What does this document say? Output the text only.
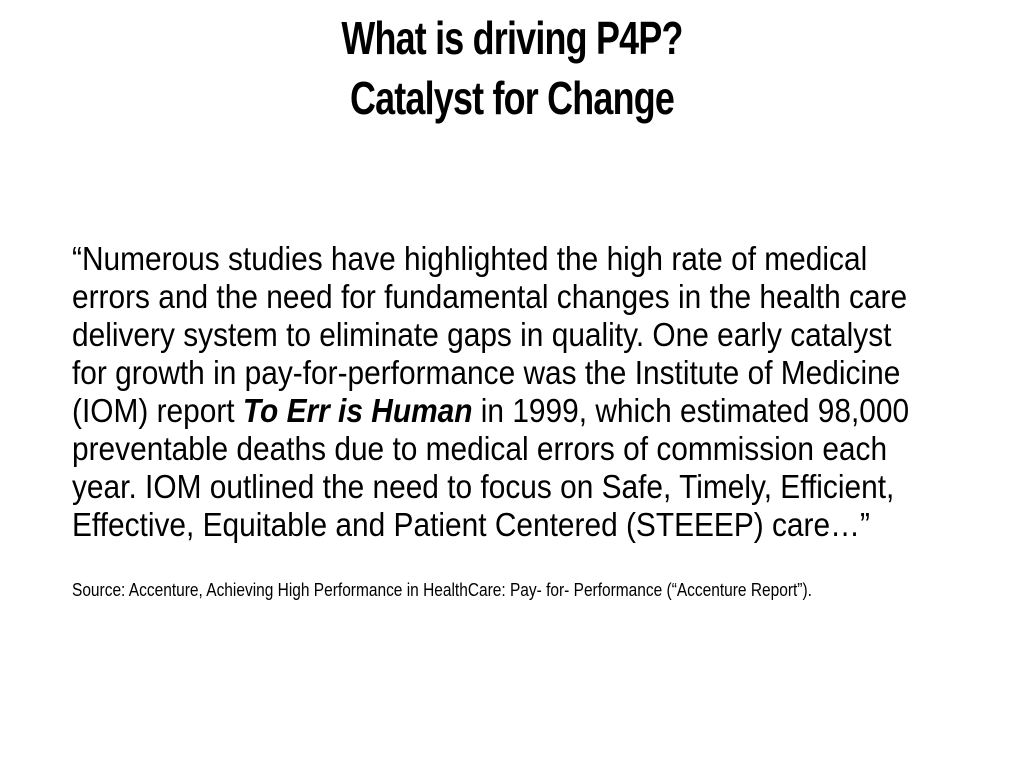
What is driving P4P?
Catalyst for Change
“Numerous studies have highlighted the high rate of medical
errors and the need for fundamental changes in the health care
delivery system to eliminate gaps in quality. One early catalyst
for growth in pay-for-performance was the Institute of Medicine
(IOM) report To Err is Human in 1999, which estimated 98,000
preventable deaths due to medical errors of commission each
year. IOM outlined the need to focus on Safe, Timely, Efficient,
Effective, Equitable and Patient Centered (STEEEP) care…”
Source: Accenture, Achieving High Performance in HealthCare: Pay- for- Performance (“Accenture Report”).
